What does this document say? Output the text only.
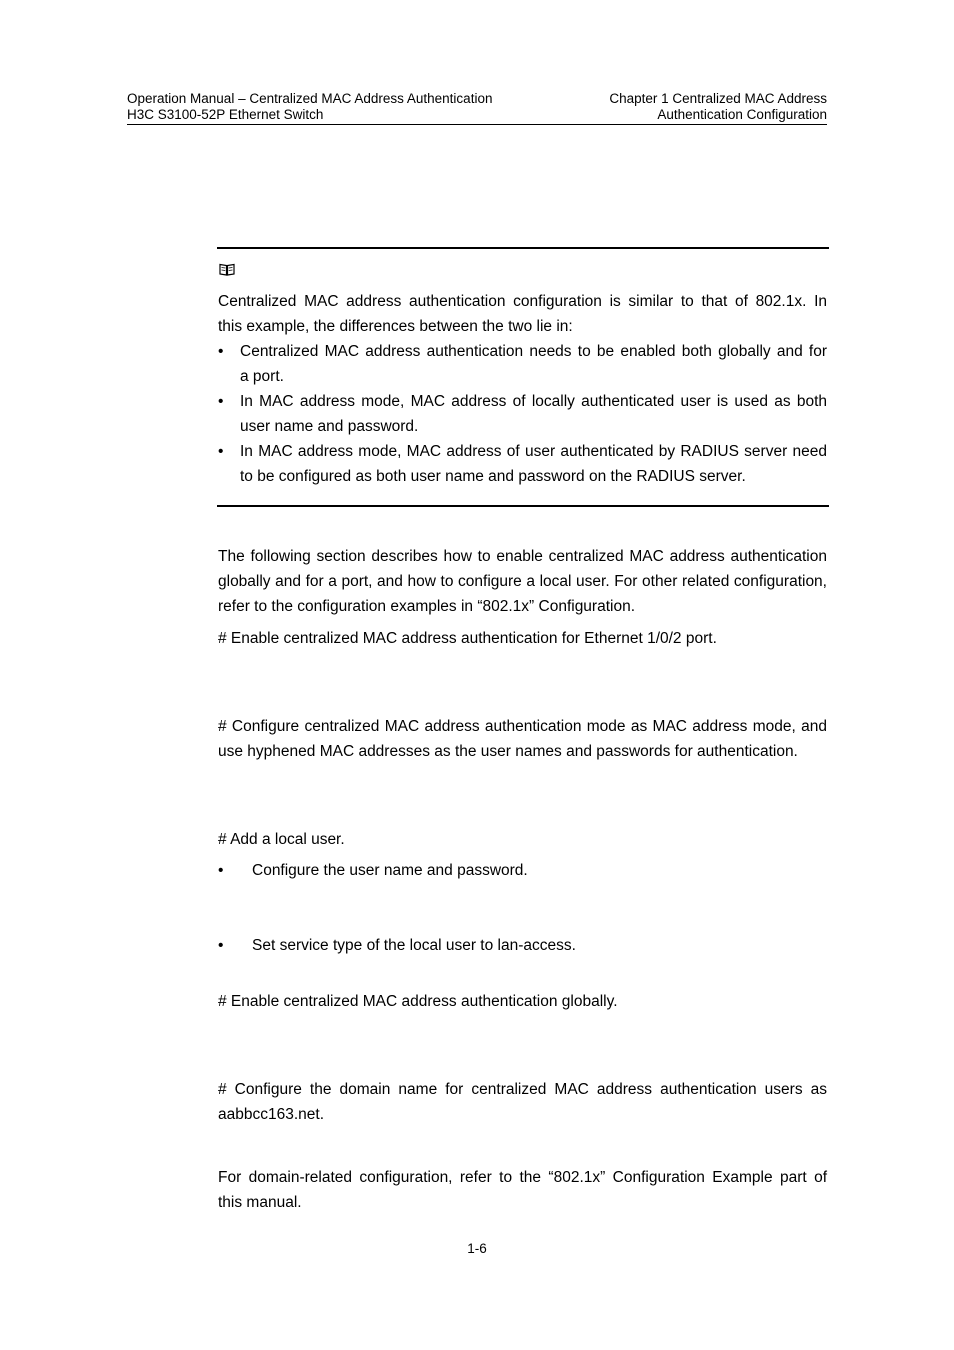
Operation Manual – Centralized MAC Address Authentication
H3C S3100-52P Ethernet Switch
Chapter 1 Centralized MAC Address
Authentication Configuration
Centralized MAC address authentication configuration is similar to that of 802.1x. In
this example, the differences between the two lie in:
• Centralized MAC address authentication needs to be enabled both globally and for
a port.
• In MAC address mode, MAC address of locally authenticated user is used as both
user name and password.
• In MAC address mode, MAC address of user authenticated by RADIUS server need
to be configured as both user name and password on the RADIUS server.
The following section describes how to enable centralized MAC address authentication
globally and for a port, and how to configure a local user. For other related configuration,
refer to the configuration examples in “802.1x” Configuration.
# Enable centralized MAC address authentication for Ethernet 1/0/2 port.
# Configure centralized MAC address authentication mode as MAC address mode, and
use hyphened MAC addresses as the user names and passwords for authentication.
# Add a local user.
• Configure the user name and password.
• Set service type of the local user to lan-access.
# Enable centralized MAC address authentication globally.
# Configure the domain name for centralized MAC address authentication users as
aabbcc163.net.
For domain-related configuration, refer to the “802.1x” Configuration Example part of
this manual.
1-6
